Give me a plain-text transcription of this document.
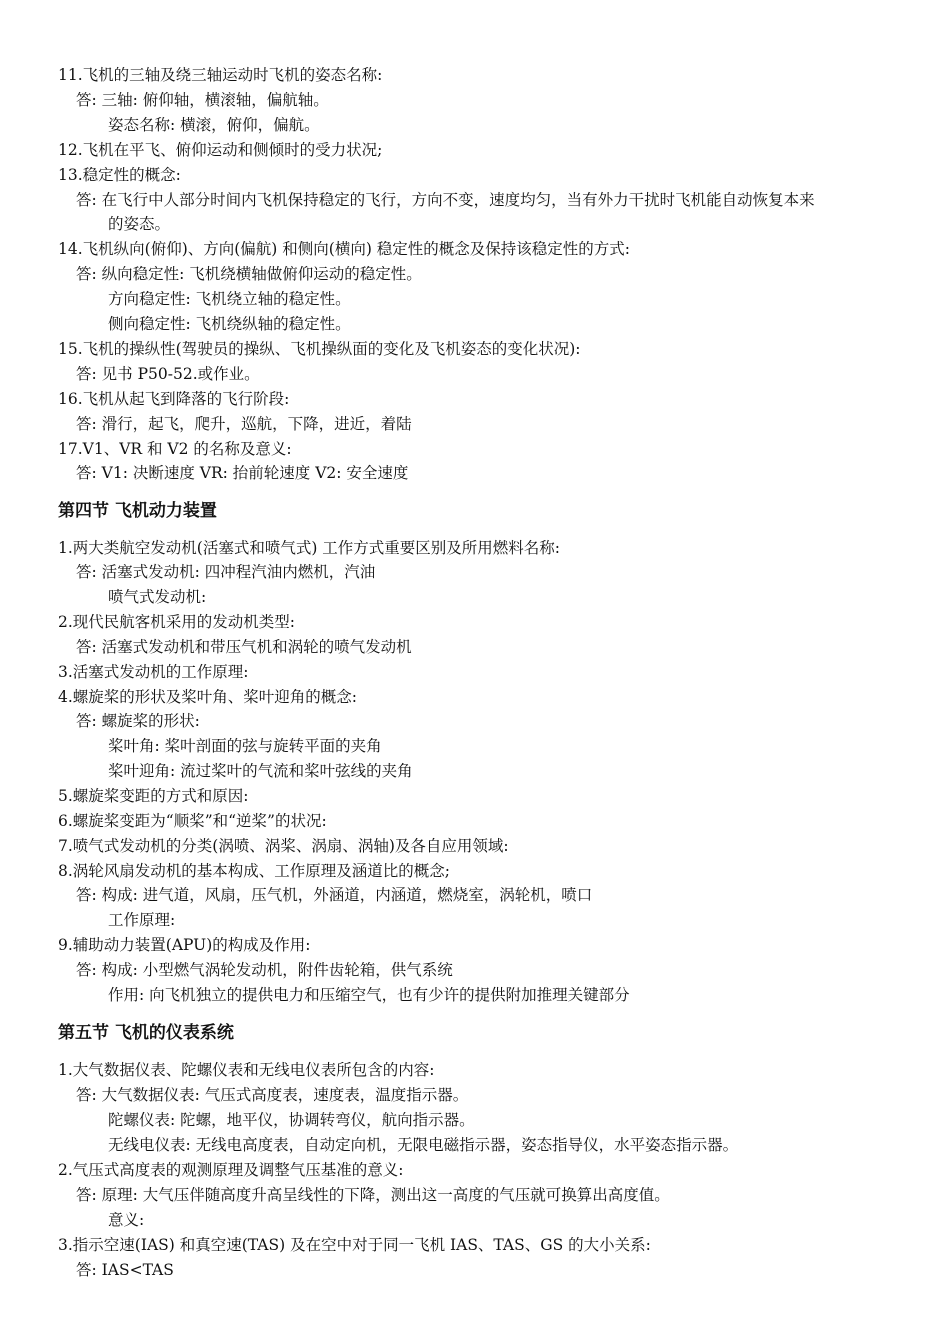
11.飞机的三轴及绕三轴运动时飞机的姿态名称:
答: 三轴: 俯仰轴，横滚轴，偏航轴。
姿态名称: 横滚，俯仰，偏航。
12.飞机在平飞、俯仰运动和侧倾时的受力状况;
13.稳定性的概念:
答: 在飞行中人部分时间内飞机保持稳定的飞行，方向不变，速度均匀，当有外力干扰时飞机能自动恢复本来
的姿态。
14.飞机纵向(俯仰)、方向(偏航) 和侧向(横向) 稳定性的概念及保持该稳定性的方式:
答: 纵向稳定性: 飞机绕横轴做俯仰运动的稳定性。
方向稳定性: 飞机绕立轴的稳定性。
侧向稳定性: 飞机绕纵轴的稳定性。
15.飞机的操纵性(驾驶员的操纵、飞机操纵面的变化及飞机姿态的变化状况):
答: 见书 P50-52.或作业。
16.飞机从起飞到降落的飞行阶段:
答: 滑行，起飞，爬升，巡航，下降，进近，着陆
17.V1、VR 和 V2 的名称及意义:
答: V1: 决断速度 VR: 抬前轮速度 V2: 安全速度
第四节 飞机动力装置
1.两大类航空发动机(活塞式和喷气式) 工作方式重要区别及所用燃料名称:
答: 活塞式发动机: 四冲程汽油内燃机，汽油
喷气式发动机:
2.现代民航客机采用的发动机类型:
答: 活塞式发动机和带压气机和涡轮的喷气发动机
3.活塞式发动机的工作原理:
4.螺旋桨的形状及桨叶角、桨叶迎角的概念:
答: 螺旋桨的形状:
桨叶角: 桨叶剖面的弦与旋转平面的夹角
桨叶迎角: 流过桨叶的气流和桨叶弦线的夹角
5.螺旋桨变距的方式和原因:
6.螺旋桨变距为“顺桨”和“逆桨”的状况:
7.喷气式发动机的分类(涡喷、涡桨、涡扇、涡轴)及各自应用领域:
8.涡轮风扇发动机的基本构成、工作原理及涵道比的概念;
答: 构成: 进气道，风扇，压气机，外涵道，内涵道，燃烧室，涡轮机，喷口
工作原理:
9.辅助动力装置(APU)的构成及作用:
答: 构成: 小型燃气涡轮发动机，附件齿轮箱，供气系统
作用: 向飞机独立的提供电力和压缩空气，也有少许的提供附加推理关键部分
第五节 飞机的仪表系统
1.大气数据仪表、陀螺仪表和无线电仪表所包含的内容:
答: 大气数据仪表: 气压式高度表，速度表，温度指示器。
陀螺仪表: 陀螺，地平仪，协调转弯仪，航向指示器。
无线电仪表: 无线电高度表，自动定向机，无限电磁指示器，姿态指导仪，水平姿态指示器。
2.气压式高度表的观测原理及调整气压基准的意义:
答: 原理: 大气压伴随高度升高呈线性的下降，测出这一高度的气压就可换算出高度值。
意义:
3.指示空速(IAS) 和真空速(TAS) 及在空中对于同一飞机 IAS、TAS、GS 的大小关系:
答: IAS<TAS
